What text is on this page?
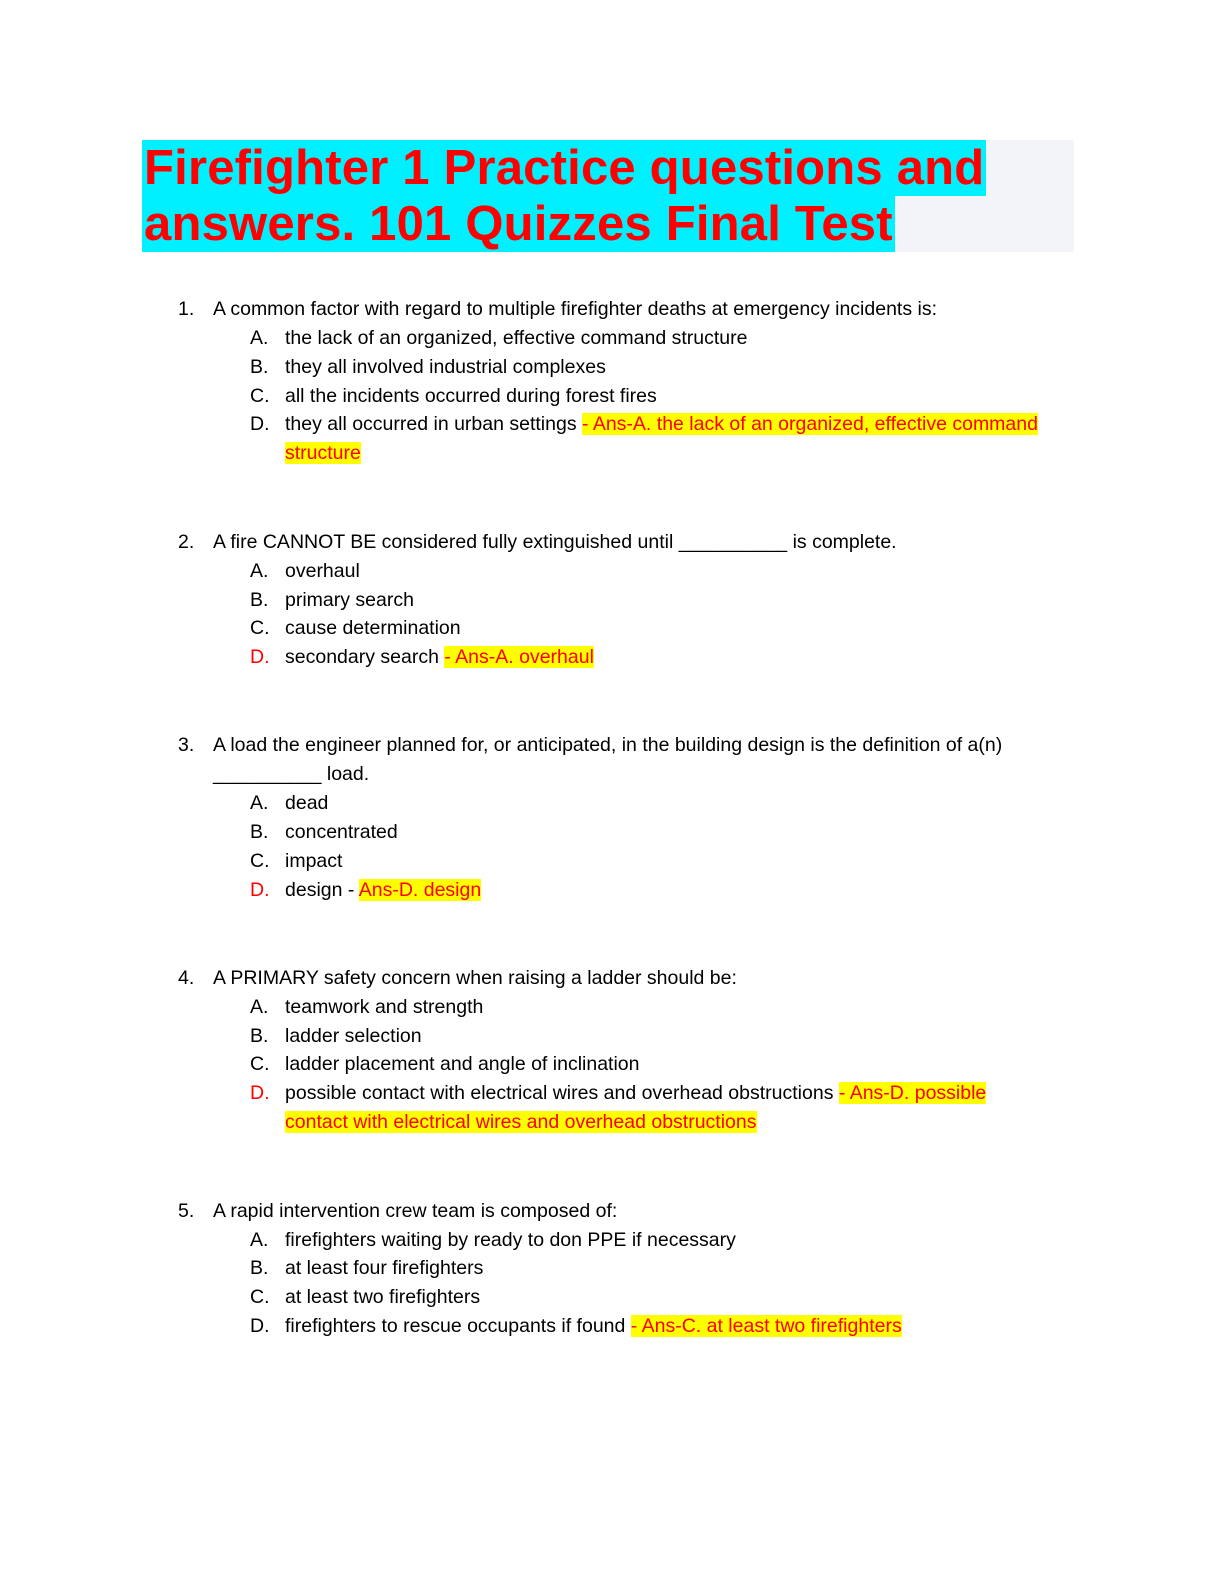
Firefighter 1 Practice questions and
answers. 101 Quizzes Final Test
1. A common factor with regard to multiple firefighter deaths at emergency incidents is:
A. the lack of an organized, effective command structure
B. they all involved industrial complexes
C. all the incidents occurred during forest fires
D. they all occurred in urban settings - Ans-A. the lack of an organized, effective command
structure
2. A fire CANNOT BE considered fully extinguished until __________ is complete.
A. overhaul
B. primary search
C. cause determination
D. secondary search - Ans-A. overhaul
3. A load the engineer planned for, or anticipated, in the building design is the definition of a(n)
__________ load.
A. dead
B. concentrated
C. impact
D. design - Ans-D. design
4. A PRIMARY safety concern when raising a ladder should be:
A. teamwork and strength
B. ladder selection
C. ladder placement and angle of inclination
D. possible contact with electrical wires and overhead obstructions - Ans-D. possible
contact with electrical wires and overhead obstructions
5. A rapid intervention crew team is composed of:
A. firefighters waiting by ready to don PPE if necessary
B. at least four firefighters
C. at least two firefighters
D. firefighters to rescue occupants if found - Ans-C. at least two firefighters
